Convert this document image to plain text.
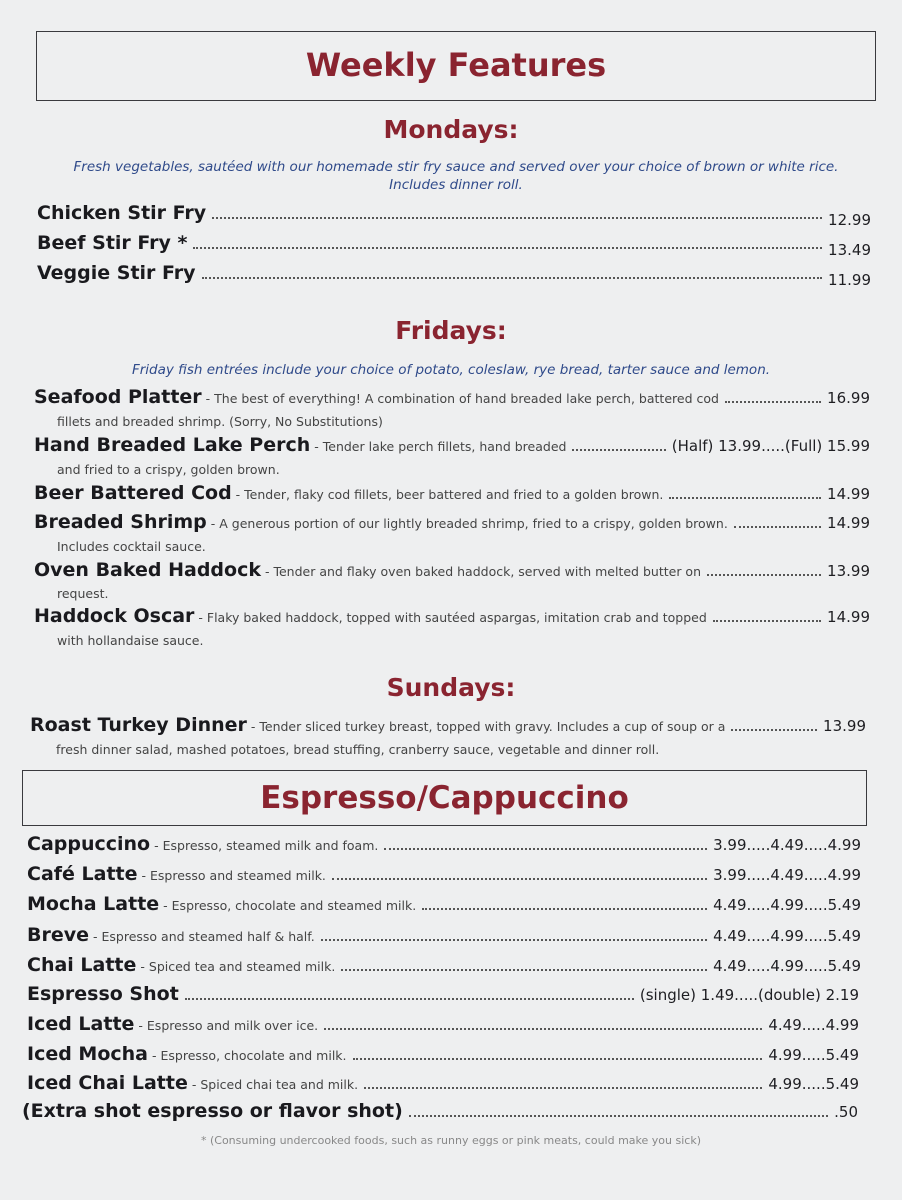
Weekly Features
Mondays:
Fresh vegetables, sautéed with our homemade stir fry sauce and served over your choice of brown or white rice. Includes dinner roll.
Chicken Stir Fry	12.99
Beef Stir Fry *	13.49
Veggie Stir Fry	11.99
Fridays:
Friday fish entrées include your choice of potato, coleslaw, rye bread, tarter sauce and lemon.
Seafood Platter - The best of everything! A combination of hand breaded lake perch, battered cod	16.99
fillets and breaded shrimp. (Sorry, No Substitutions)
Hand Breaded Lake Perch - Tender lake perch fillets, hand breaded	(Half) 13.99.....(Full) 15.99
and fried to a crispy, golden brown.
Beer Battered Cod - Tender, flaky cod fillets, beer battered and fried to a golden brown.	14.99
Breaded Shrimp - A generous portion of our lightly breaded shrimp, fried to a crispy, golden brown.	14.99
Includes cocktail sauce.
Oven Baked Haddock - Tender and flaky oven baked haddock, served with melted butter on	13.99
request.
Haddock Oscar - Flaky baked haddock, topped with sautéed aspargas, imitation crab and topped	14.99
with hollandaise sauce.
Sundays:
Roast Turkey Dinner - Tender sliced turkey breast, topped with gravy. Includes a cup of soup or a	13.99
fresh dinner salad, mashed potatoes, bread stuffing, cranberry sauce, vegetable and dinner roll.
Espresso/Cappuccino
Cappuccino - Espresso, steamed milk and foam.	3.99.....4.49.....4.99
Café Latte - Espresso and steamed milk.	3.99.....4.49.....4.99
Mocha Latte - Espresso, chocolate and steamed milk.	4.49.....4.99.....5.49
Breve - Espresso and steamed half & half.	4.49.....4.99.....5.49
Chai Latte - Spiced tea and steamed milk.	4.49.....4.99.....5.49
Espresso Shot	(single) 1.49.....(double) 2.19
Iced Latte - Espresso and milk over ice.	4.49.....4.99
Iced Mocha - Espresso, chocolate and milk.	4.99.....5.49
Iced Chai Latte - Spiced chai tea and milk.	4.99.....5.49
(Extra shot espresso or flavor shot)	.50
* (Consuming undercooked foods, such as runny eggs or pink meats, could make you sick)
